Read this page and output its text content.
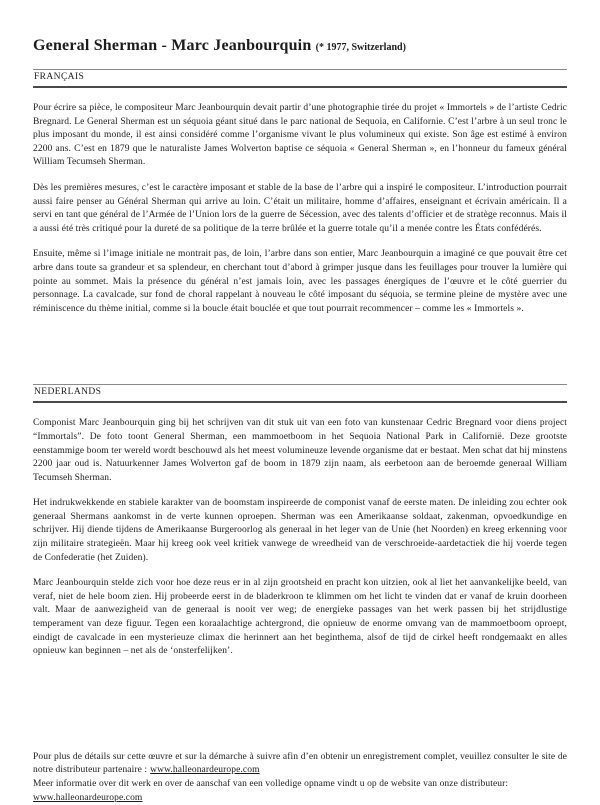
General Sherman - Marc Jeanbourquin (* 1977, Switzerland)
FRANÇAIS

Pour écrire sa pièce, le compositeur Marc Jeanbourquin devait partir d’une photographie tirée du projet « Immortels » de l’artiste Cedric Bregnard. Le General Sherman est un séquoia géant situé dans le parc national de Sequoia, en Californie. C’est l’arbre à un seul tronc le plus imposant du monde, il est ainsi considéré comme l’organisme vivant le plus volumineux qui existe. Son âge est estimé à environ 2200 ans. C’est en 1879 que le naturaliste James Wolverton baptise ce séquoia « General Sherman », en l’honneur du fameux général William Tecumseh Sherman.

Dès les premières mesures, c’est le caractère imposant et stable de la base de l’arbre qui a inspiré le compositeur. L’introduction pourrait aussi faire penser au Général Sherman qui arrive au loin. C’était un militaire, homme d’affaires, enseignant et écrivain américain. Il a servi en tant que général de l’Armée de l’Union lors de la guerre de Sécession, avec des talents d’officier et de stratège reconnus. Mais il a aussi été très critiqué pour la dureté de sa politique de la terre brûlée et la guerre totale qu’il a menée contre les États confédérés.

Ensuite, même si l’image initiale ne montrait pas, de loin, l’arbre dans son entier, Marc Jeanbourquin a imaginé ce que pouvait être cet arbre dans toute sa grandeur et sa splendeur, en cherchant tout d’abord à grimper jusque dans les feuillages pour trouver la lumière qui pointe au sommet. Mais la présence du général n’est jamais loin, avec les passages énergiques de l’œuvre et le côté guerrier du personnage. La cavalcade, sur fond de choral rappelant à nouveau le côté imposant du séquoia, se termine pleine de mystère avec une réminiscence du thème initial, comme si la boucle était bouclée et que tout pourrait recommencer – comme les « Immortels ».

NEDERLANDS

Componist Marc Jeanbourquin ging bij het schrijven van dit stuk uit van een foto van kunstenaar Cedric Bregnard voor diens project “Immortals”. De foto toont General Sherman, een mammoetboom in het Sequoia National Park in Californië. Deze grootste eenstammige boom ter wereld wordt beschouwd als het meest volumineuze levende organisme dat er bestaat. Men schat dat hij minstens 2200 jaar oud is. Natuurkenner James Wolverton gaf de boom in 1879 zijn naam, als eerbetoon aan de beroemde generaal William Tecumseh Sherman.

Het indrukwekkende en stabiele karakter van de boomstam inspireerde de componist vanaf de eerste maten. De inleiding zou echter ook generaal Shermans aankomst in de verte kunnen oproepen. Sherman was een Amerikaanse soldaat, zakenman, opvoedkundige en schrijver. Hij diende tijdens de Amerikaanse Burgeroorlog als generaal in het leger van de Unie (het Noorden) en kreeg erkenning voor zijn militaire strategieën. Maar hij kreeg ook veel kritiek vanwege de wreedheid van de verschroeide-aardetactiek die hij voerde tegen de Confederatie (het Zuiden).

Marc Jeanbourquin stelde zich voor hoe deze reus er in al zijn grootsheid en pracht kon uitzien, ook al liet het aanvankelijke beeld, van veraf, niet de hele boom zien. Hij probeerde eerst in de bladerkroon te klimmen om het licht te vinden dat er vanaf de kruin doorheen valt. Maar de aanwezigheid van de generaal is nooit ver weg; de energieke passages van het werk passen bij het strijdlustige temperament van deze figuur. Tegen een koraalachtige achtergrond, die opnieuw de enorme omvang van de mammoetboom oproept, eindigt de cavalcade in een mysterieuze climax die herinnert aan het beginthema, alsof de tijd de cirkel heeft rondgemaakt en alles opnieuw kan beginnen – net als de ‘onsterfelijken’.

Pour plus de détails sur cette œuvre et sur la démarche à suivre afin d’en obtenir un enregistrement complet, veuillez consulter le site de notre distributeur partenaire : www.halleonardeurope.com

Meer informatie over dit werk en over de aanschaf van een volledige opname vindt u op de website van onze distributeur:
www.halleonardeurope.com
